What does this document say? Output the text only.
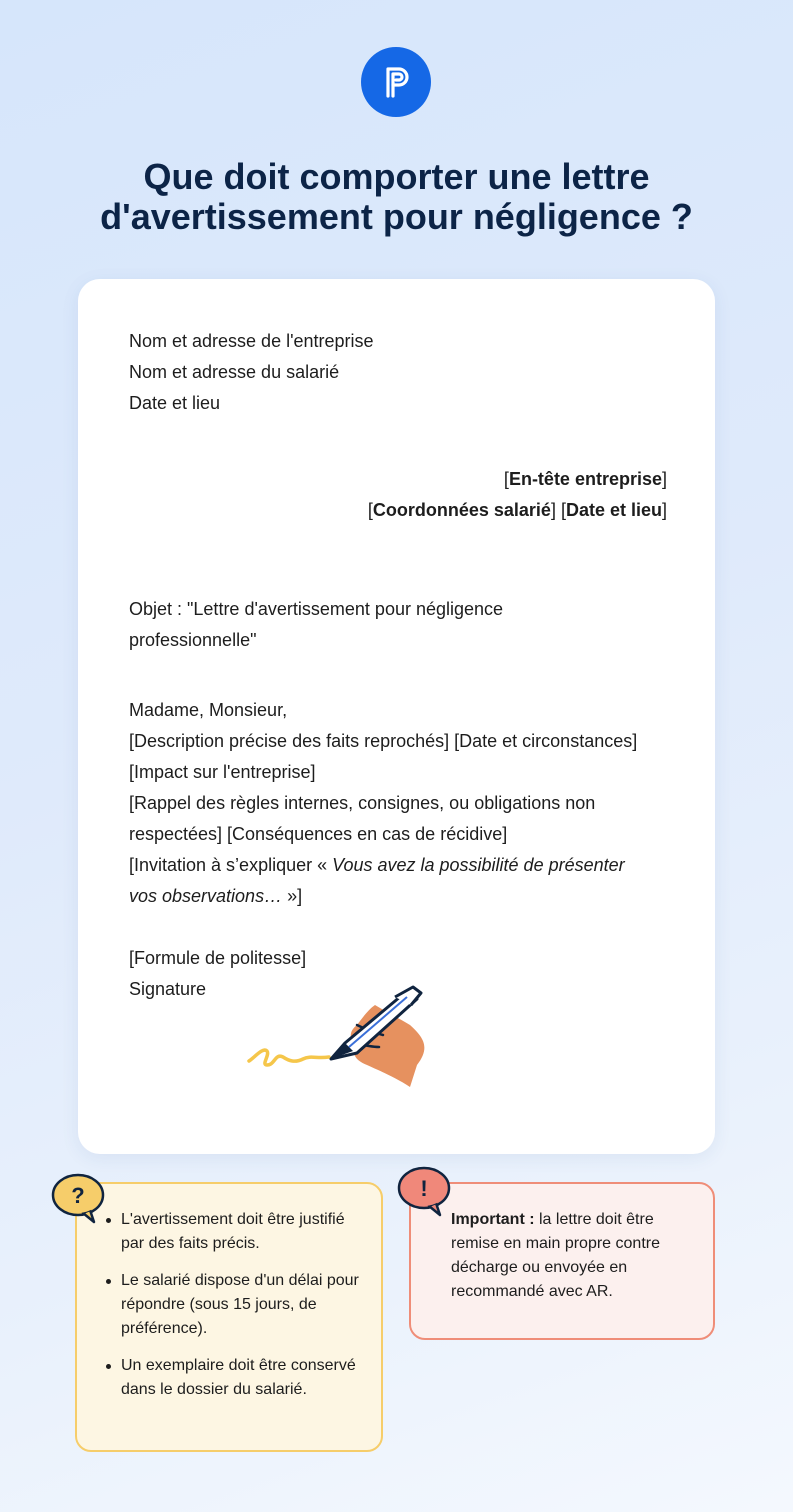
Que doit comporter une lettre
d'avertissement pour négligence ?
Nom et adresse de l'entreprise
Nom et adresse du salarié
Date et lieu
[En-tête entreprise]
[Coordonnées salarié] [Date et lieu]
Objet : "Lettre d'avertissement pour négligence
professionnelle"
Madame, Monsieur,
[Description précise des faits reprochés] [Date et circonstances]
[Impact sur l'entreprise]
[Rappel des règles internes, consignes, ou obligations non
respectées] [Conséquences en cas de récidive]
[Invitation à s’expliquer « Vous avez la possibilité de présenter
vos observations… »]
[Formule de politesse]
Signature
?
L'avertissement doit être justifié par des faits précis.
Le salarié dispose d'un délai pour répondre (sous 15 jours, de préférence).
Un exemplaire doit être conservé dans le dossier du salarié.
!
Important : la lettre doit être remise en main propre contre décharge ou envoyée en recommandé avec AR.
